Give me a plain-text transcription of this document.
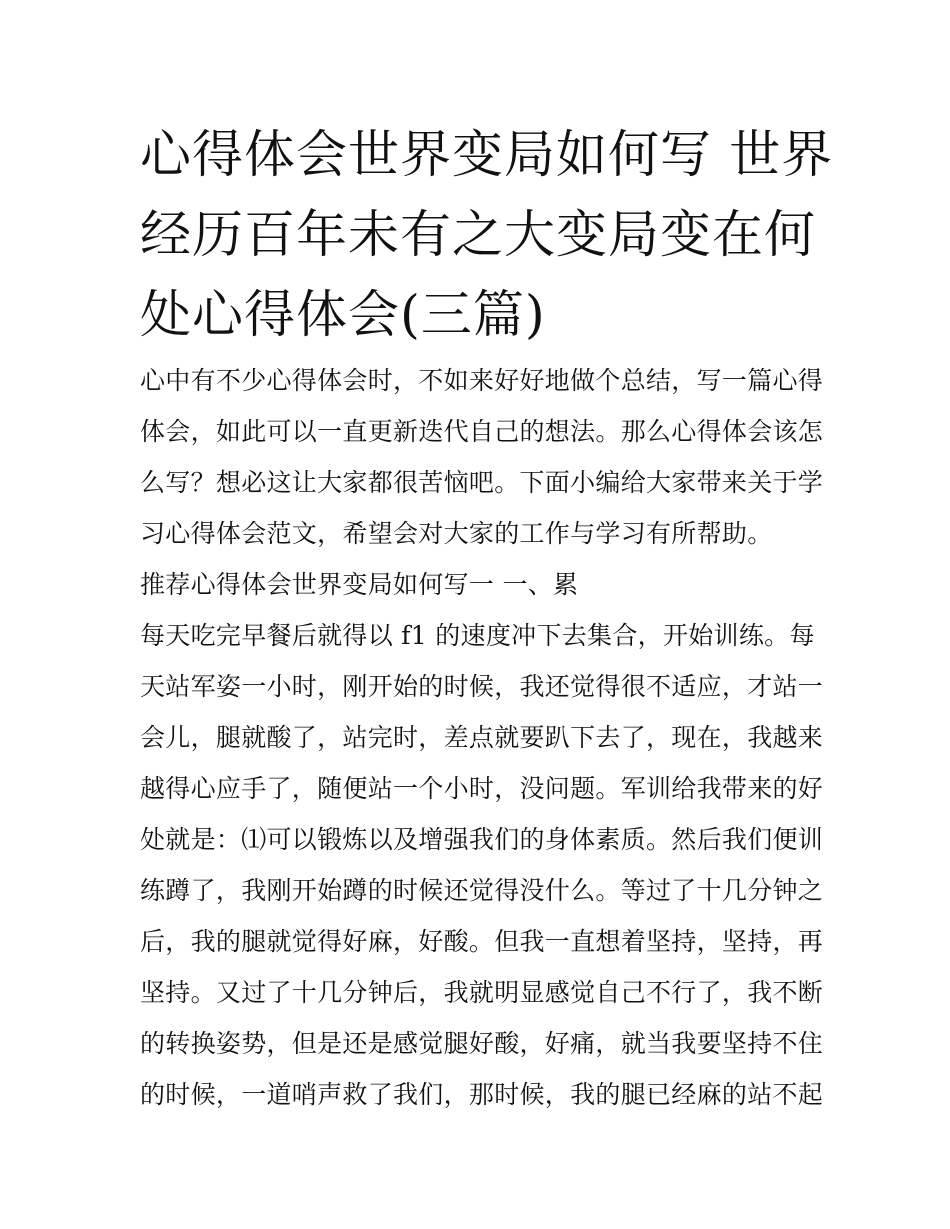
心得体会世界变局如何写 世界
经历百年未有之大变局变在何
处心得体会(三篇)
心中有不少心得体会时，不如来好好地做个总结，写一篇心得
体会，如此可以一直更新迭代自己的想法。那么心得体会该怎
么写？想必这让大家都很苦恼吧。下面小编给大家带来关于学
习心得体会范文，希望会对大家的工作与学习有所帮助。
推荐心得体会世界变局如何写一 一、累
每天吃完早餐后就得以 f1 的速度冲下去集合，开始训练。每
天站军姿一小时，刚开始的时候，我还觉得很不适应，才站一
会儿，腿就酸了，站完时，差点就要趴下去了，现在，我越来
越得心应手了，随便站一个小时，没问题。军训给我带来的好
处就是：⑴可以锻炼以及增强我们的身体素质。然后我们便训
练蹲了，我刚开始蹲的时候还觉得没什么。等过了十几分钟之
后，我的腿就觉得好麻，好酸。但我一直想着坚持，坚持，再
坚持。又过了十几分钟后，我就明显感觉自己不行了，我不断
的转换姿势，但是还是感觉腿好酸，好痛，就当我要坚持不住
的时候，一道哨声救了我们，那时候，我的腿已经麻的站不起
